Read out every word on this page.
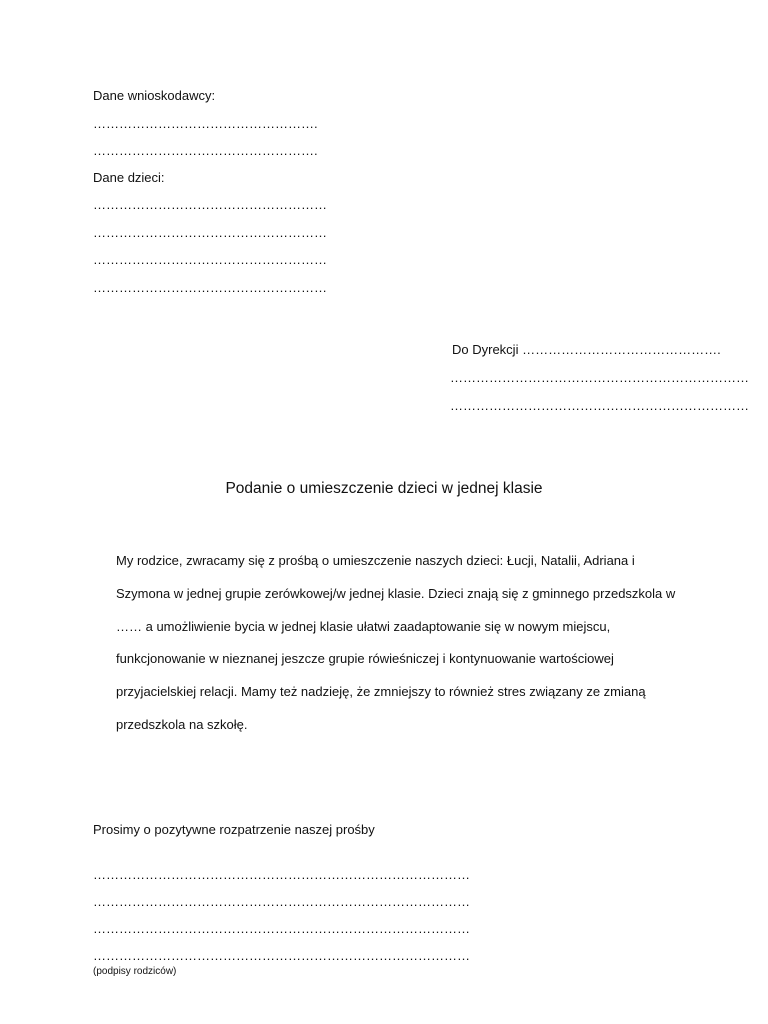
Dane wnioskodawcy:
…………………………………………….
…………………………………………….
Dane dzieci:
………………………………………………
………………………………………………
………………………………………………
………………………………………………
Do Dyrekcji ……………………………………….
……………………………………………………………
……………………………………………………………
Podanie o umieszczenie dzieci w jednej klasie
My rodzice, zwracamy się z prośbą o umieszczenie naszych dzieci: Łucji, Natalii, Adriana i
Szymona w jednej grupie zerówkowej/w jednej klasie. Dzieci znają się z gminnego przedszkola w
…… a umożliwienie bycia w jednej klasie ułatwi zaadaptowanie się w nowym miejscu,
funkcjonowanie w nieznanej jeszcze grupie rówieśniczej i kontynuowanie wartościowej
przyjacielskiej relacji. Mamy też nadzieję, że zmniejszy to również stres związany ze zmianą
przedszkola na szkołę.
Prosimy o pozytywne rozpatrzenie naszej prośby
……………………………………………………………………………
……………………………………………………………………………
……………………………………………………………………………
……………………………………………………………………………
(podpisy rodziców)
